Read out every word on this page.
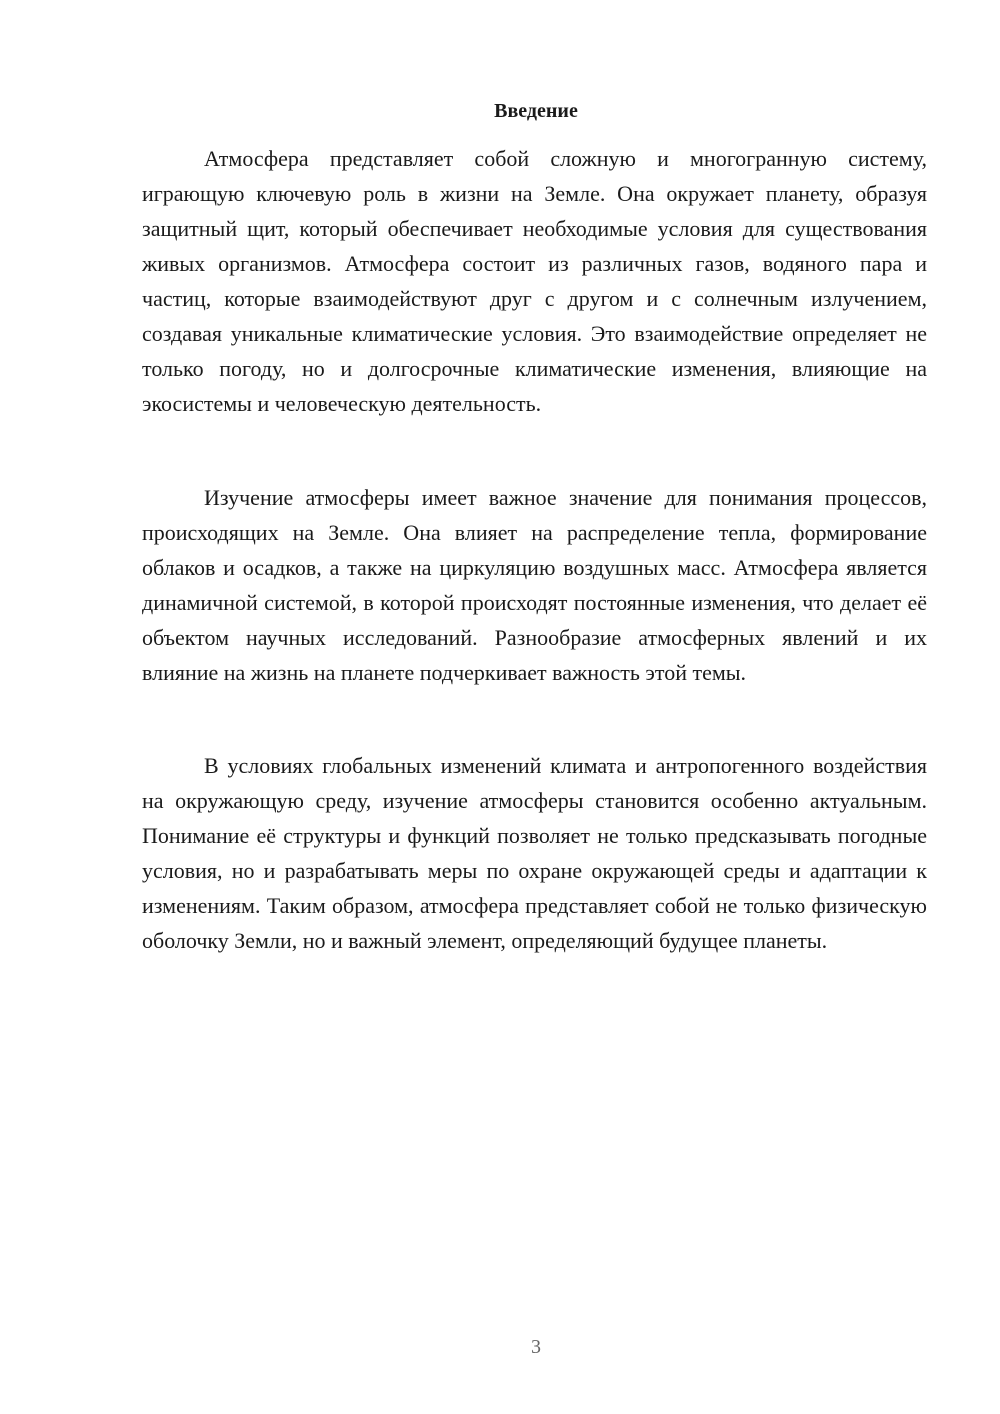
Введение

Атмосфера представляет собой сложную и многогранную систему, играющую ключевую роль в жизни на Земле. Она окружает планету, образуя защитный щит, который обеспечивает необходимые условия для существования живых организмов. Атмосфера состоит из различных газов, водяного пара и частиц, которые взаимодействуют друг с другом и с солнечным излучением, создавая уникальные климатические условия. Это взаимодействие определяет не только погоду, но и долгосрочные климатические изменения, влияющие на экосистемы и человеческую деятельность.

Изучение атмосферы имеет важное значение для понимания процессов, происходящих на Земле. Она влияет на распределение тепла, формирование облаков и осадков, а также на циркуляцию воздушных масс. Атмосфера является динамичной системой, в которой происходят постоянные изменения, что делает её объектом научных исследований. Разнообразие атмосферных явлений и их влияние на жизнь на планете подчеркивает важность этой темы.

В условиях глобальных изменений климата и антропогенного воздействия на окружающую среду, изучение атмосферы становится особенно актуальным. Понимание её структуры и функций позволяет не только предсказывать погодные условия, но и разрабатывать меры по охране окружающей среды и адаптации к изменениям. Таким образом, атмосфера представляет собой не только физическую оболочку Земли, но и важный элемент, определяющий будущее планеты.

3
